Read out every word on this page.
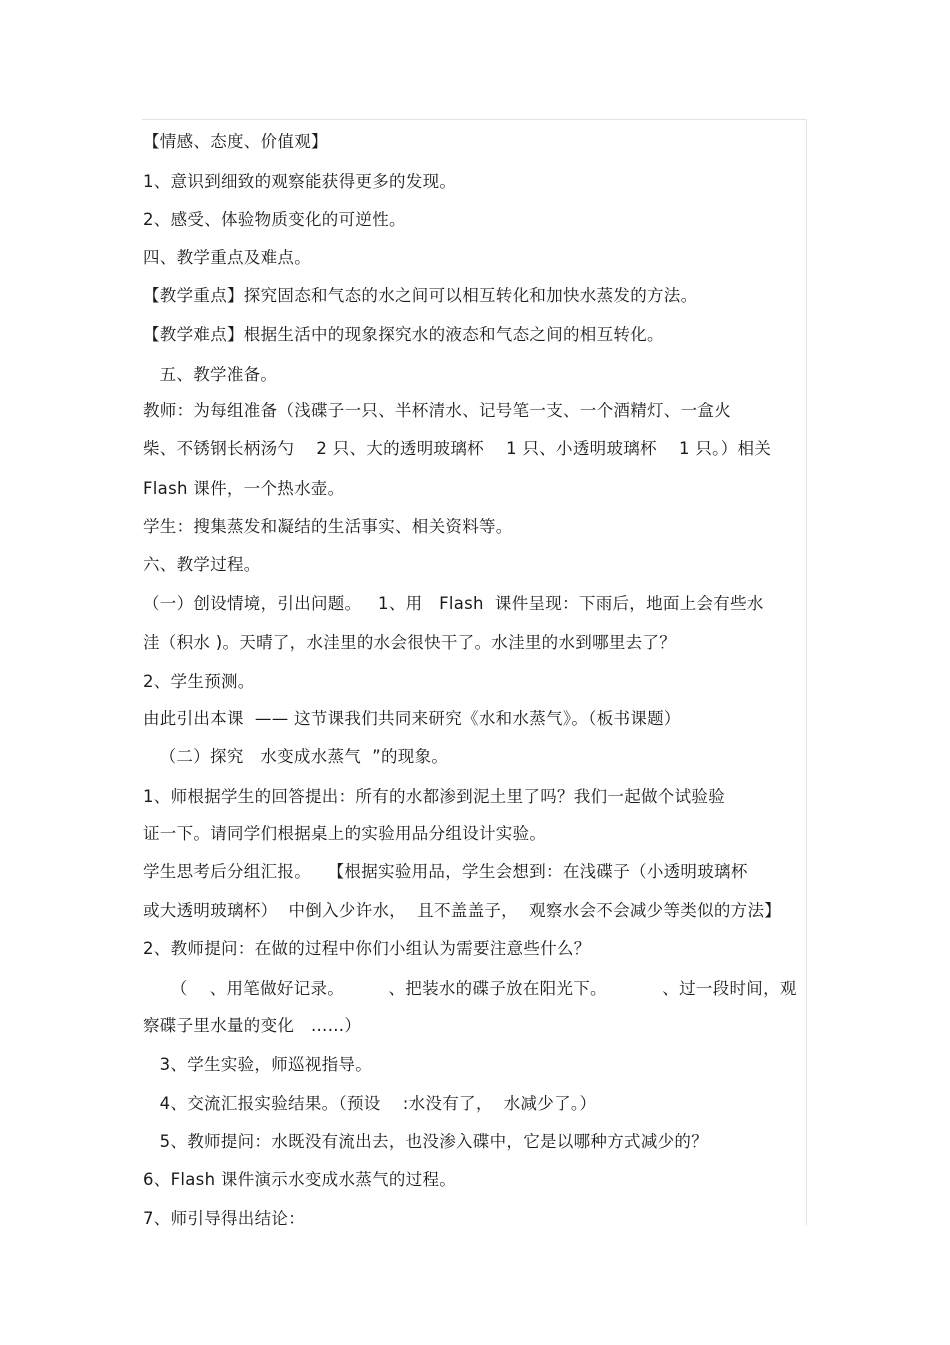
【情感、态度、价值观】
1、意识到细致的观察能获得更多的发现。
2、感受、体验物质变化的可逆性。
四、教学重点及难点。
【教学重点】探究固态和气态的水之间可以相互转化和加快水蒸发的方法。
【教学难点】根据生活中的现象探究水的液态和气态之间的相互转化。
五、教学准备。
教师：为每组准备（浅碟子一只、半杯清水、记号笔一支、一个酒精灯、一盒火
柴、不锈钢长柄汤勺    2 只、大的透明玻璃杯    1 只、小透明玻璃杯    1 只。）相关
Flash 课件，一个热水壶。
学生：搜集蒸发和凝结的生活事实、相关资料等。
六、教学过程。
（一）创设情境，引出问题。   1、用   Flash  课件呈现：下雨后，地面上会有些水
洼（积水 )。天晴了，水洼里的水会很快干了。水洼里的水到哪里去了？
2、学生预测。
由此引出本课  —— 这节课我们共同来研究《水和水蒸气》。（板书课题）
（二）探究   水变成水蒸气  ”的现象。
1、师根据学生的回答提出：所有的水都渗到泥土里了吗？我们一起做个试验验
证一下。请同学们根据桌上的实验用品分组设计实验。
学生思考后分组汇报。   【根据实验用品，学生会想到：在浅碟子（小透明玻璃杯
或大透明玻璃杯）  中倒入少许水，  且不盖盖子，  观察水会不会减少等类似的方法】
2、教师提问：在做的过程中你们小组认为需要注意些什么？
（    、用笔做好记录。        、把装水的碟子放在阳光下。          、过一段时间，观
察碟子里水量的变化   ……）
3、学生实验，师巡视指导。
4、交流汇报实验结果。（预设    :水没有了，  水减少了。）
5、教师提问：水既没有流出去，也没渗入碟中，它是以哪种方式减少的？
6、Flash 课件演示水变成水蒸气的过程。
7、师引导得出结论：
